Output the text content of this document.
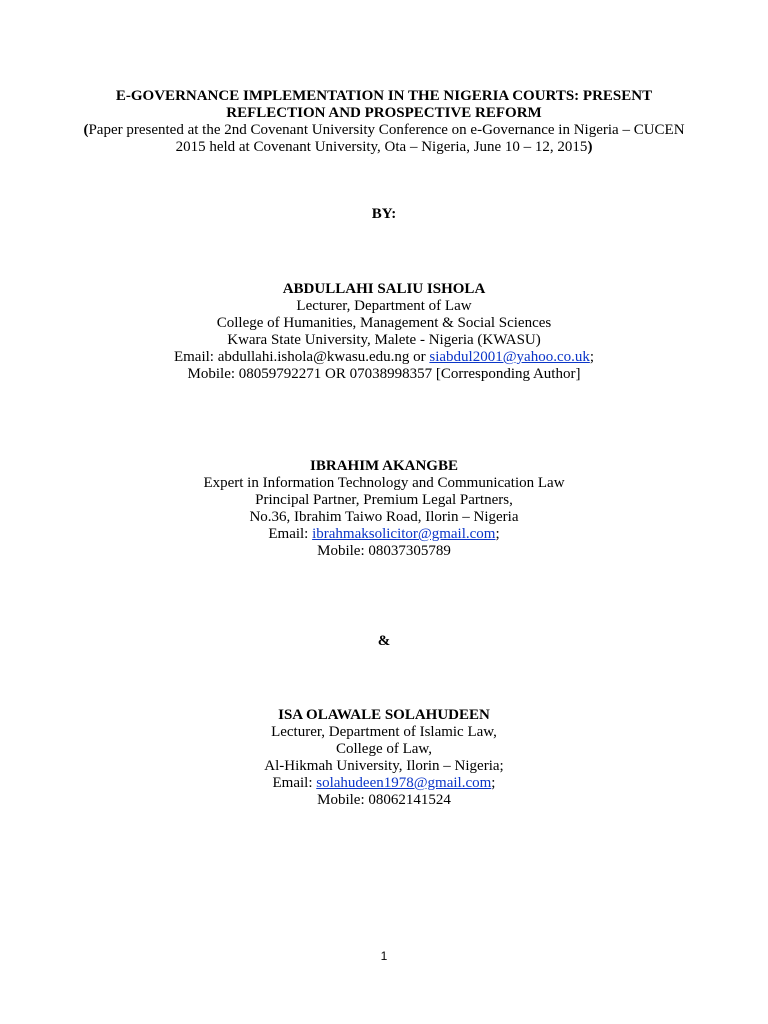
E-GOVERNANCE IMPLEMENTATION IN THE NIGERIA COURTS: PRESENT
REFLECTION AND PROSPECTIVE REFORM
(Paper presented at the 2nd Covenant University Conference on e-Governance in Nigeria – CUCEN
2015 held at Covenant University, Ota – Nigeria, June 10 – 12, 2015)
BY:
ABDULLAHI SALIU ISHOLA
Lecturer, Department of Law
College of Humanities, Management & Social Sciences
Kwara State University, Malete - Nigeria (KWASU)
Email: abdullahi.ishola@kwasu.edu.ng or siabdul2001@yahoo.co.uk;
Mobile: 08059792271 OR 07038998357 [Corresponding Author]
IBRAHIM AKANGBE
Expert in Information Technology and Communication Law
Principal Partner, Premium Legal Partners,
No.36, Ibrahim Taiwo Road, Ilorin – Nigeria
Email: ibrahmaksolicitor@gmail.com;
Mobile: 08037305789
&
ISA OLAWALE SOLAHUDEEN
Lecturer, Department of Islamic Law,
College of Law,
Al-Hikmah University, Ilorin – Nigeria;
Email: solahudeen1978@gmail.com;
Mobile: 08062141524
1
